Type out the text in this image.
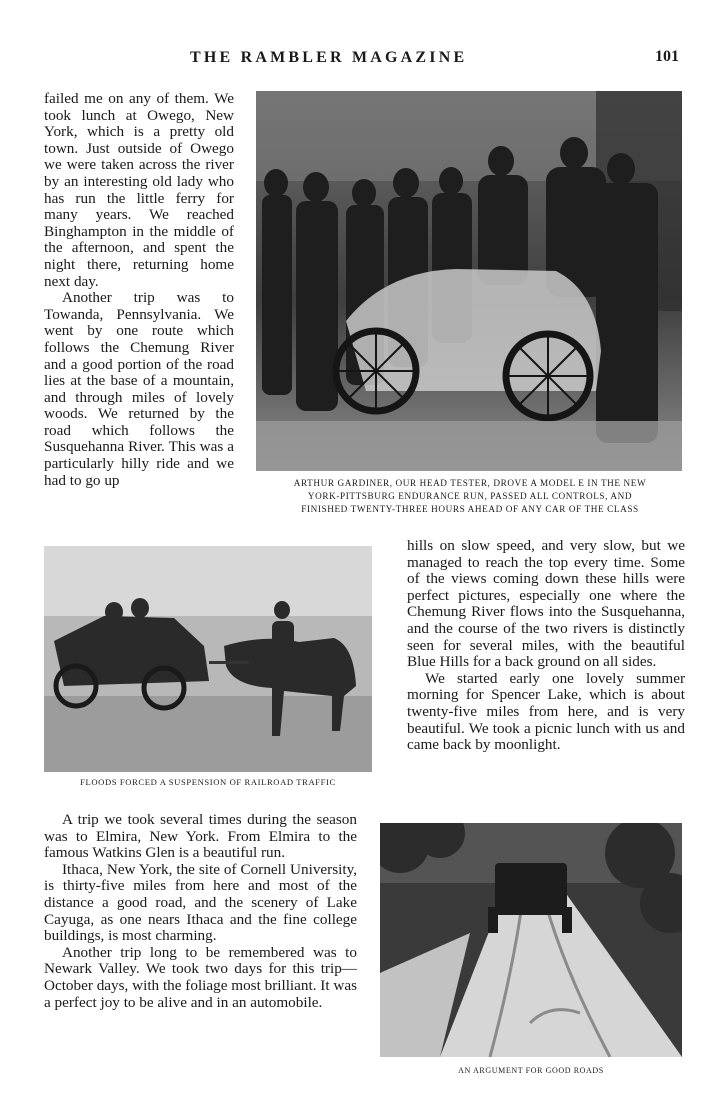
THE RAMBLER MAGAZINE	101

failed me on any of them. We took lunch at Owego, New York, which is a pretty old town. Just outside of Owego we were taken across the river by an interesting old lady who has run the little ferry for many years. We reached Binghampton in the middle of the afternoon, and spent the night there, returning home next day.

Another trip was to Towanda, Pennsylvania. We went by one route which follows the Chemung River and a good portion of the road lies at the base of a mountain, and through miles of lovely woods. We returned by the road which follows the Susquehanna River. This was a particularly hilly ride and we had to go up	ARTHUR GARDINER, OUR HEAD TESTER, DROVE A MODEL E IN THE NEW
YORK-PITTSBURG ENDURANCE RUN, PASSED ALL CONTROLS, AND
FINISHED TWENTY-THREE HOURS AHEAD OF ANY CAR OF THE CLASS
FLOODS FORCED A SUSPENSION OF RAILROAD TRAFFIC

hills on slow speed, and very slow, but we managed to reach the top every time. Some of the views coming down these hills were perfect pictures, especially one where the Chemung River flows into the Susquehanna, and the course of the two rivers is distinctly seen for several miles, with the beautiful Blue Hills for a back ground on all sides.

We started early one lovely summer morning for Spencer Lake, which is about twenty-five miles from here, and is very beautiful. We took a picnic lunch with us and came back by moonlight.

A trip we took several times during the season was to Elmira, New York. From Elmira to the famous Watkins Glen is a beautiful run.

Ithaca, New York, the site of Cornell University, is thirty-five miles from here and most of the distance a good road, and the scenery of Lake Cayuga, as one nears Ithaca and the fine college buildings, is most charming.

Another trip long to be remembered was to Newark Valley. We took two days for this trip—October days, with the foliage most brilliant. It was a perfect joy to be alive and in an automobile.

AN ARGUMENT FOR GOOD ROADS
